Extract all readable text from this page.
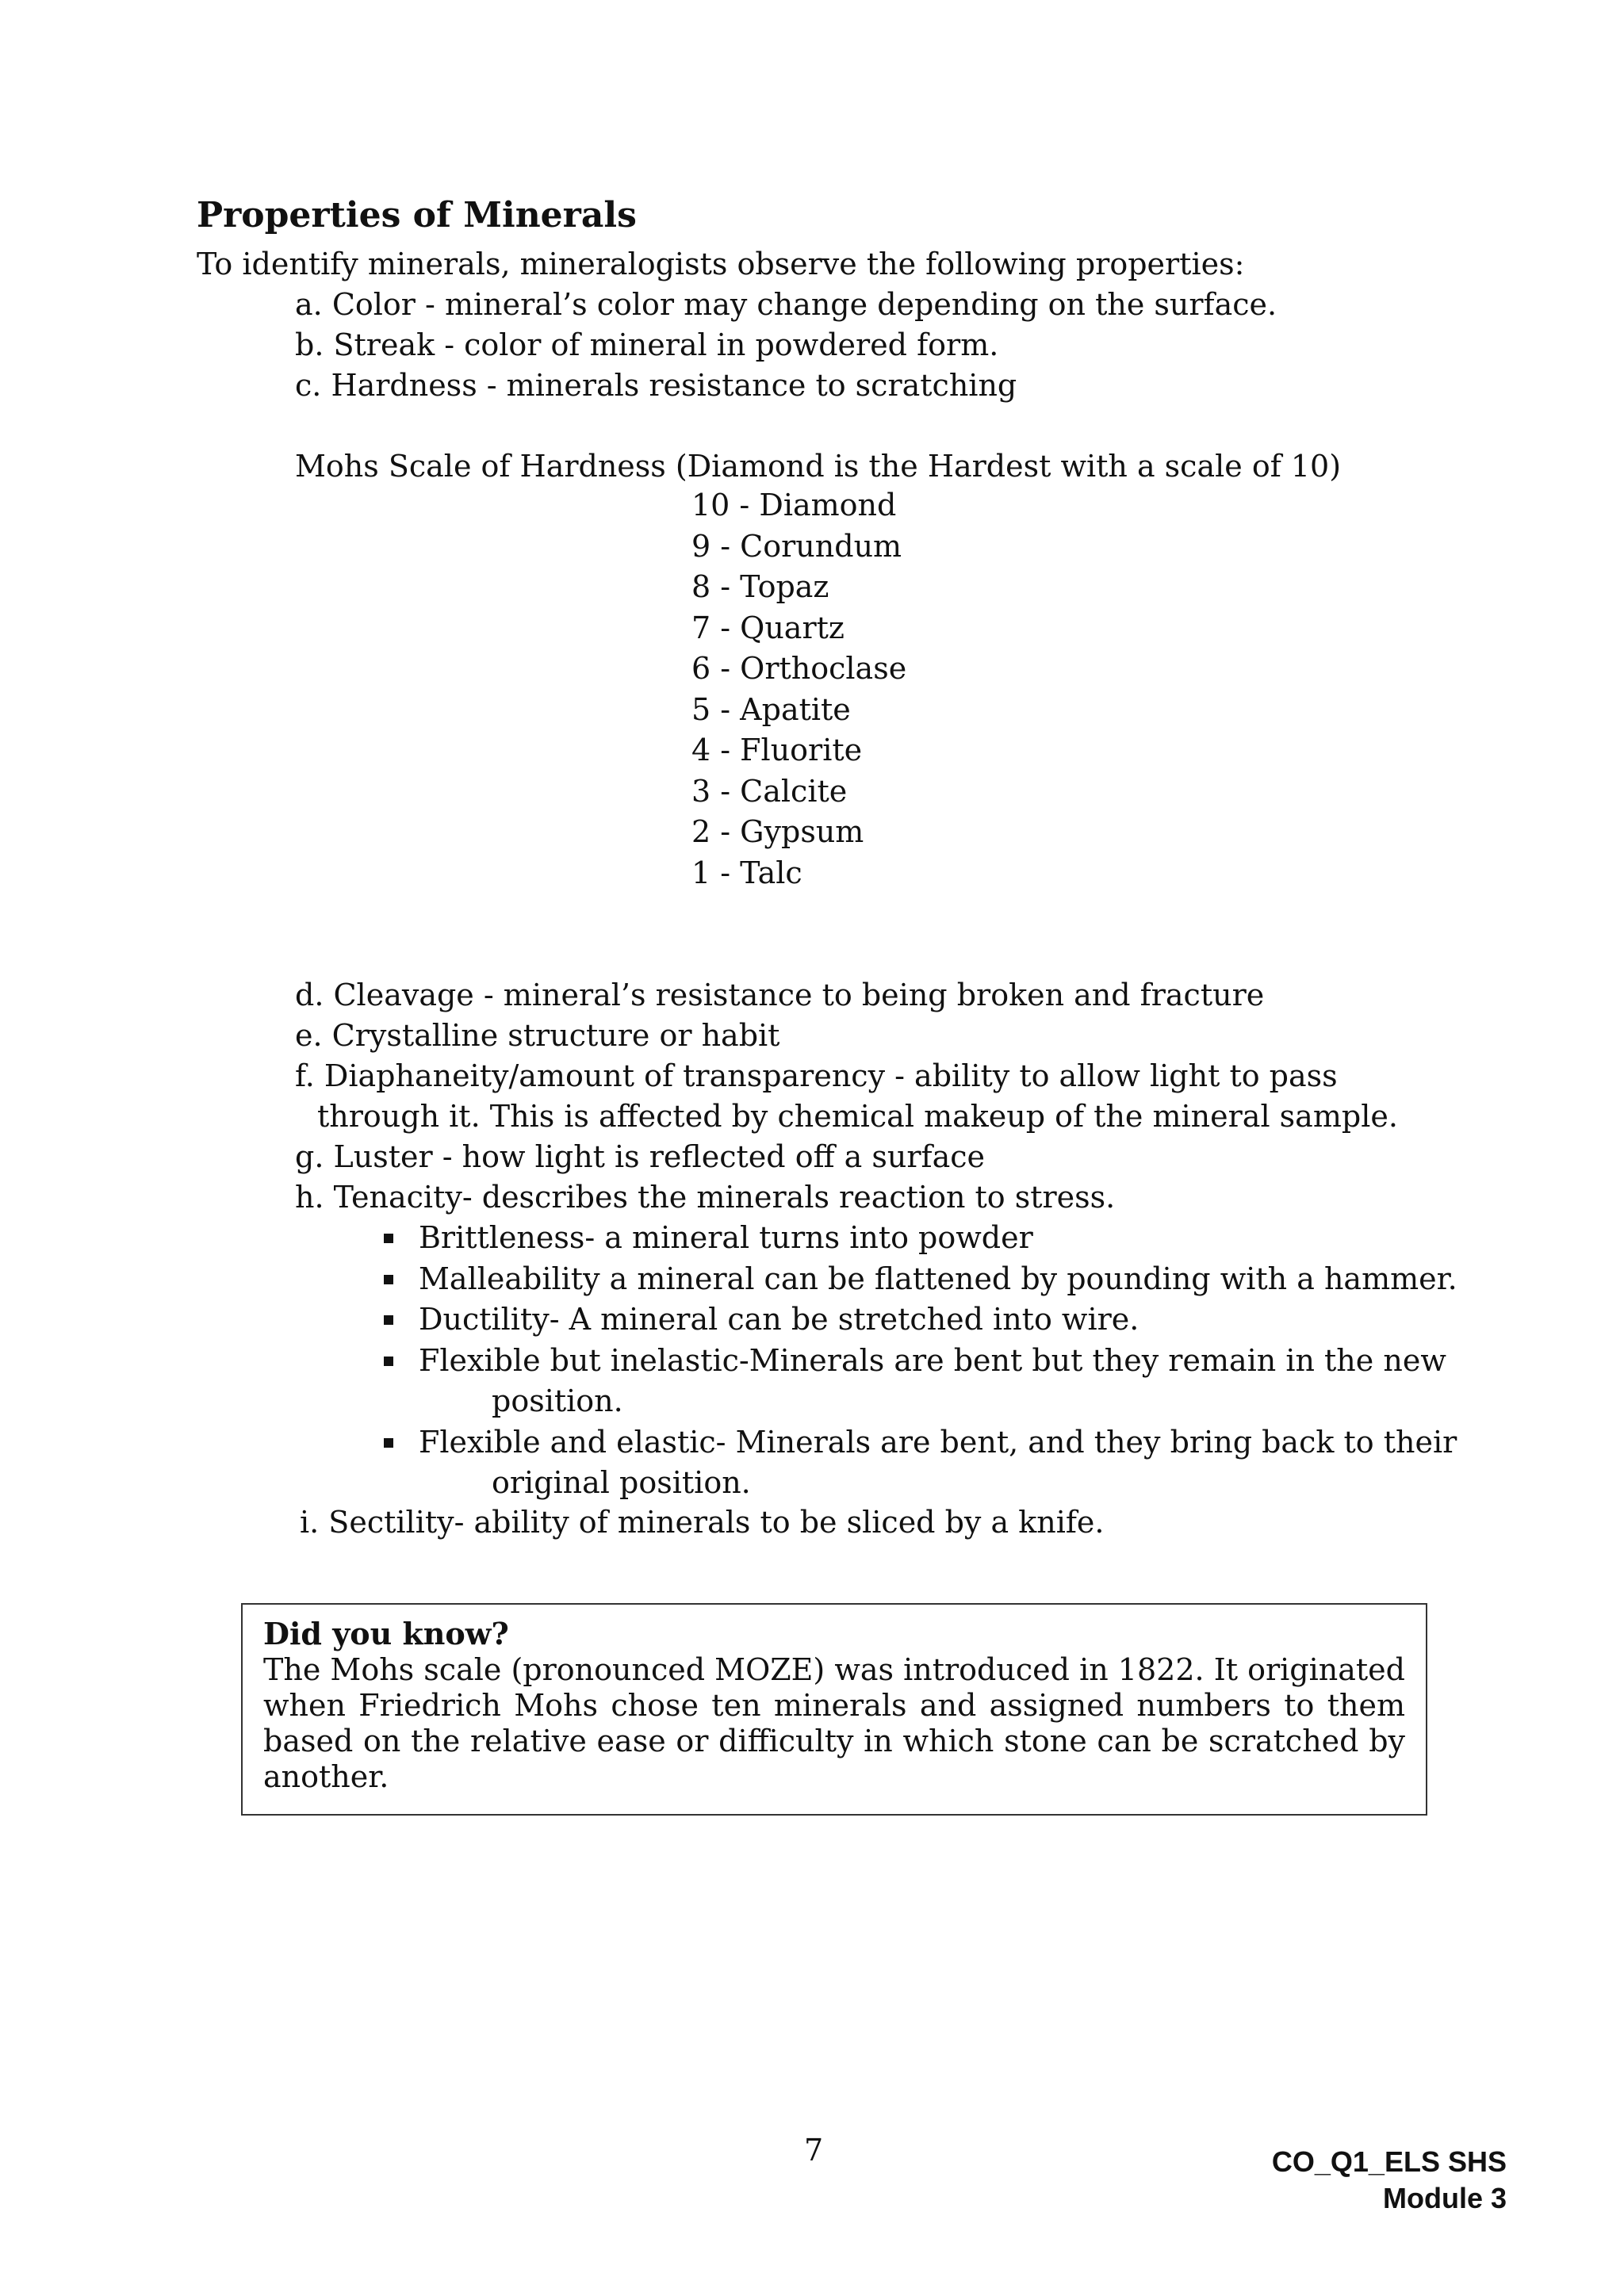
Properties of Minerals
To identify minerals, mineralogists observe the following properties:
a. Color - mineral’s color may change depending on the surface.
b. Streak - color of mineral in powdered form.
c. Hardness - minerals resistance to scratching
Mohs Scale of Hardness (Diamond is the Hardest with a scale of 10)
10 - Diamond
9 - Corundum
8 - Topaz
7 - Quartz
6 - Orthoclase
5 - Apatite
4 - Fluorite
3 - Calcite
2 - Gypsum
1 - Talc
d. Cleavage - mineral’s resistance to being broken and fracture
e. Crystalline structure or habit
f. Diaphaneity/amount of transparency - ability to allow light to pass
through it. This is affected by chemical makeup of the mineral sample.
g. Luster - how light is reflected off a surface
h. Tenacity- describes the minerals reaction to stress.
Brittleness- a mineral turns into powder
Malleability a mineral can be flattened by pounding with a hammer.
Ductility- A mineral can be stretched into wire.
Flexible but inelastic-Minerals are bent but they remain in the new
position.
Flexible and elastic- Minerals are bent, and they bring back to their
original position.
i. Sectility- ability of minerals to be sliced by a knife.
Did you know?
The Mohs scale (pronounced MOZE) was introduced in 1822. It originated when Friedrich Mohs chose ten minerals and assigned numbers to them based on the relative ease or difficulty in which stone can be scratched by another.
7	CO_Q1_ELS SHS
Module 3
